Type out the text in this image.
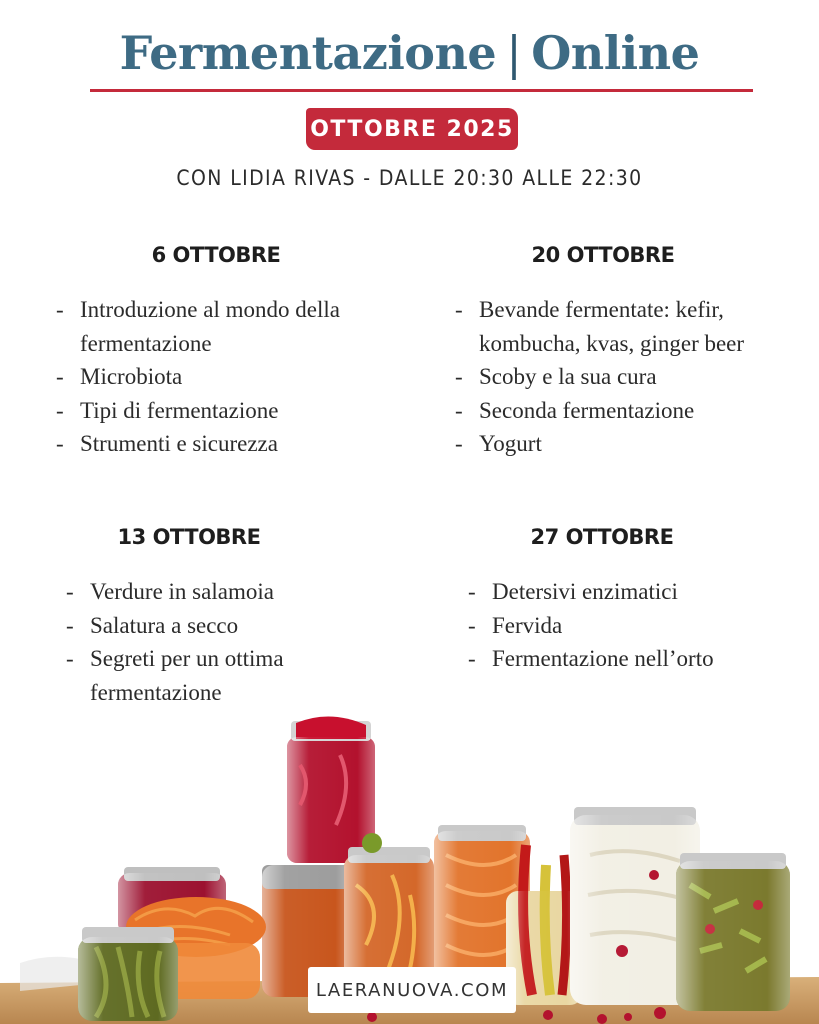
Fermentazione | Online
OTTOBRE 2025
CON LIDIA RIVAS - DALLE 20:30 ALLE 22:30
6 OTTOBRE
- Introduzione al mondo della fermentazione
- Microbiota
- Tipi di fermentazione
- Strumenti e sicurezza
20 OTTOBRE
- Bevande fermentate: kefir, kombucha, kvas, ginger beer
- Scoby e la sua cura
- Seconda fermentazione
- Yogurt
13 OTTOBRE
- Verdure in salamoia
- Salatura a secco
- Segreti per un ottima fermentazione
27 OTTOBRE
- Detersivi enzimatici
- Fervida
- Fermentazione nell’orto
LAERANUOVA.COM
